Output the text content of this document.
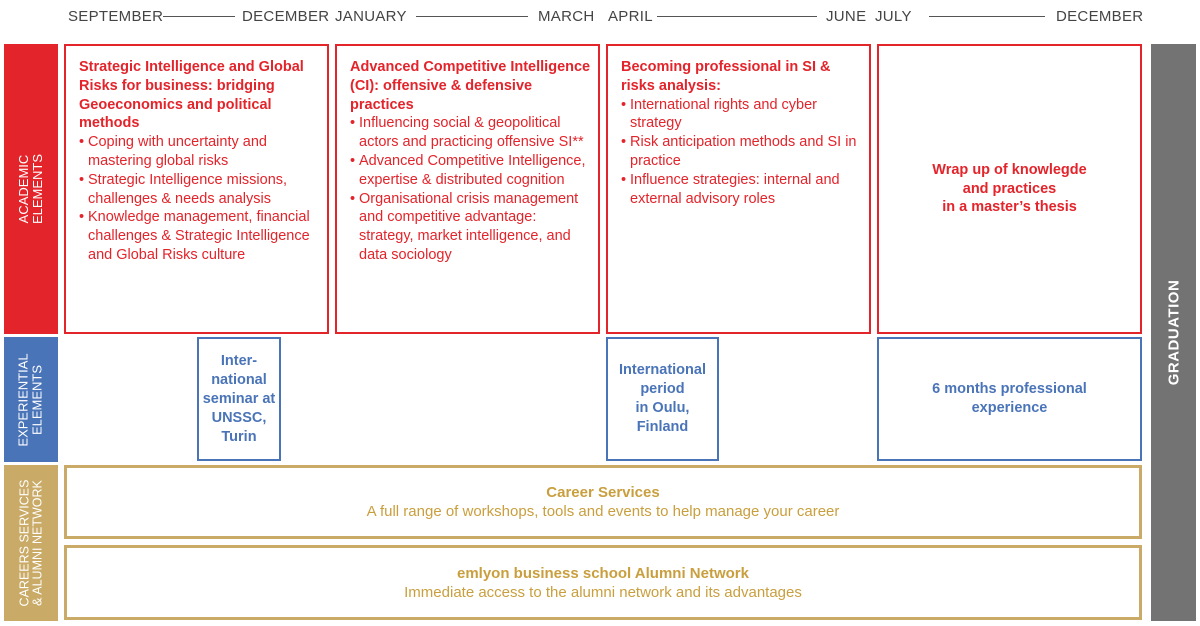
SEPTEMBER	DECEMBER JANUARY	MARCH APRIL	JUNE JULY	DECEMBER
ACADEMIC
ELEMENTS
EXPERIENTIAL
ELEMENTS
CAREERS SERVICES
& ALUMNI NETWORK
GRADUATION
Strategic Intelligence and Global Risks for business: bridging Geoeconomics and political methods
• Coping with uncertainty and mastering global risks
• Strategic Intelligence missions, challenges & needs analysis
• Knowledge management, financial challenges & Strategic Intelligence and Global Risks culture
Advanced Competitive Intelligence (CI): offensive & defensive practices
• Influencing social & geopolitical actors and practicing offensive SI**
• Advanced Competitive Intelligence, expertise & distributed cognition
• Organisational crisis management and competitive advantage: strategy, market intelligence, and data sociology
Becoming professional in SI & risks analysis:
• International rights and cyber strategy
• Risk anticipation methods and SI in practice
• Influence strategies: internal and external advisory roles
Wrap up of knowlegde
and practices
in a master’s thesis
Inter-
national
seminar at
UNSSC,
Turin
International
period
in Oulu,
Finland
6 months professional
experience
Career Services
A full range of workshops, tools and events to help manage your career
emlyon business school Alumni Network
Immediate access to the alumni network and its advantages
